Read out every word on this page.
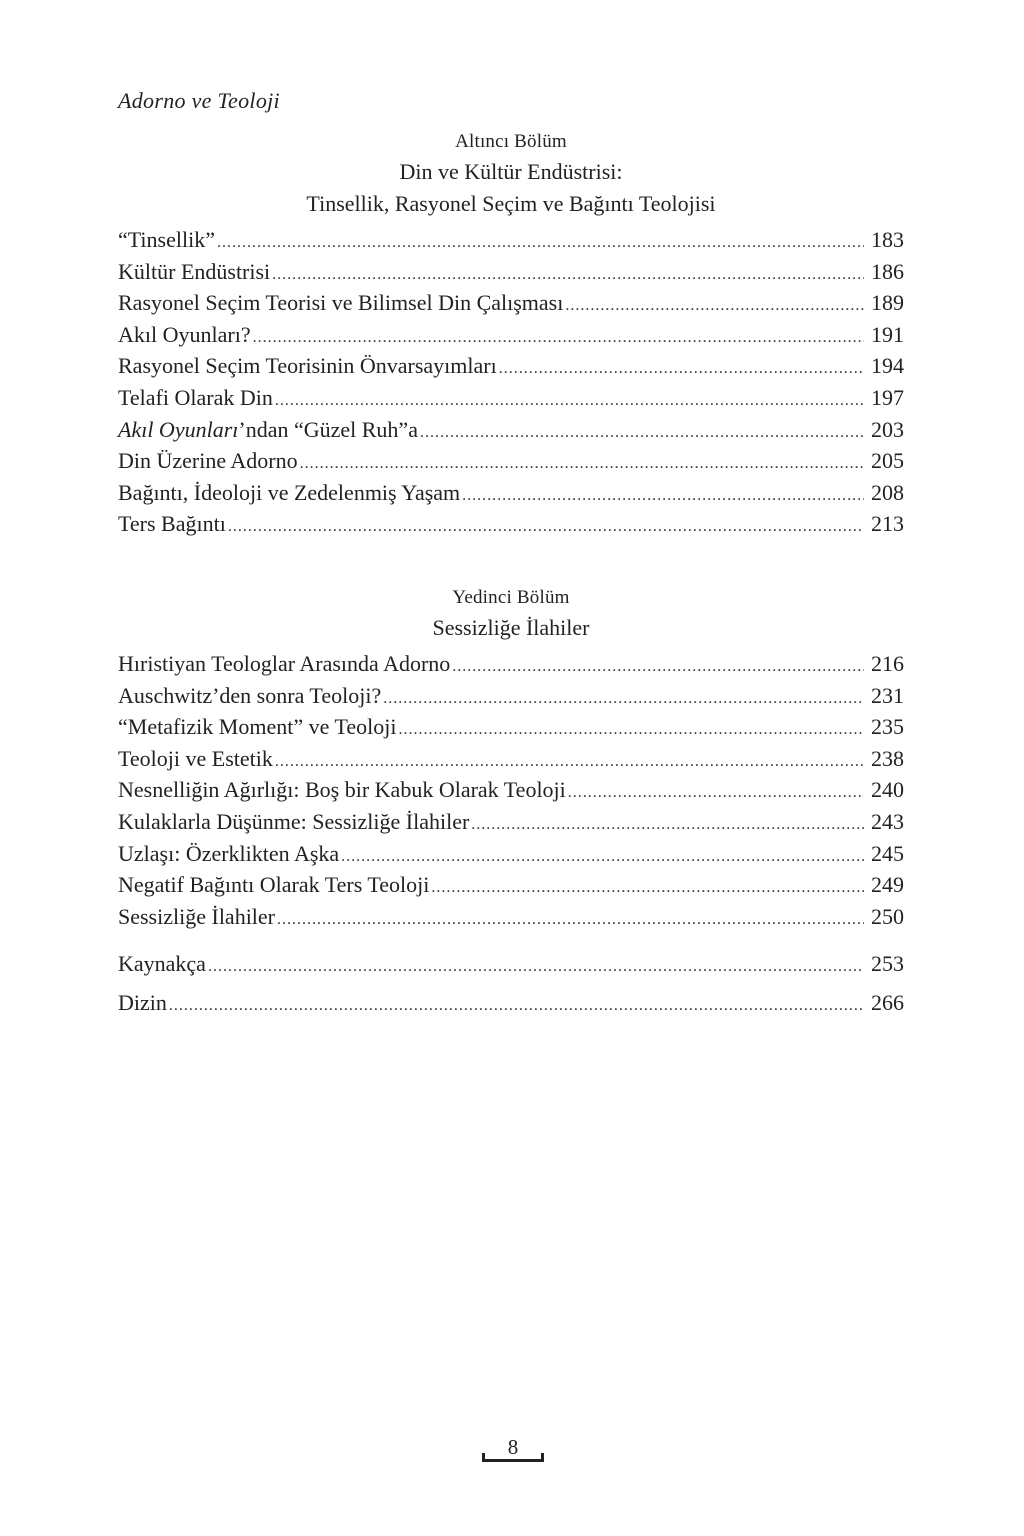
Adorno ve Teoloji
Altıncı Bölüm
Din ve Kültür Endüstrisi:
Tinsellik, Rasyonel Seçim ve Bağıntı Teolojisi
“Tinsellik” .....	183
Kültür Endüstrisi .....	186
Rasyonel Seçim Teorisi ve Bilimsel Din Çalışması .....	189
Akıl Oyunları? .....	191
Rasyonel Seçim Teorisinin Önvarsayımları .....	194
Telafi Olarak Din .....	197
Akıl Oyunları’ndan “Güzel Ruh”a .....	203
Din Üzerine Adorno .....	205
Bağıntı, İdeoloji ve Zedelenmiş Yaşam .....	208
Ters Bağıntı .....	213
Yedinci Bölüm
Sessizliğe İlahiler
Hıristiyan Teologlar Arasında Adorno .....	216
Auschwitz’den sonra Teoloji? .....	231
“Metafizik Moment” ve Teoloji .....	235
Teoloji ve Estetik .....	238
Nesnelliğin Ağırlığı: Boş bir Kabuk Olarak Teoloji .....	240
Kulaklarla Düşünme: Sessizliğe İlahiler .....	243
Uzlaşı: Özerklikten Aşka .....	245
Negatif Bağıntı Olarak Ters Teoloji .....	249
Sessizliğe İlahiler .....	250
Kaynakça .....	253
Dizin .....	266
8
